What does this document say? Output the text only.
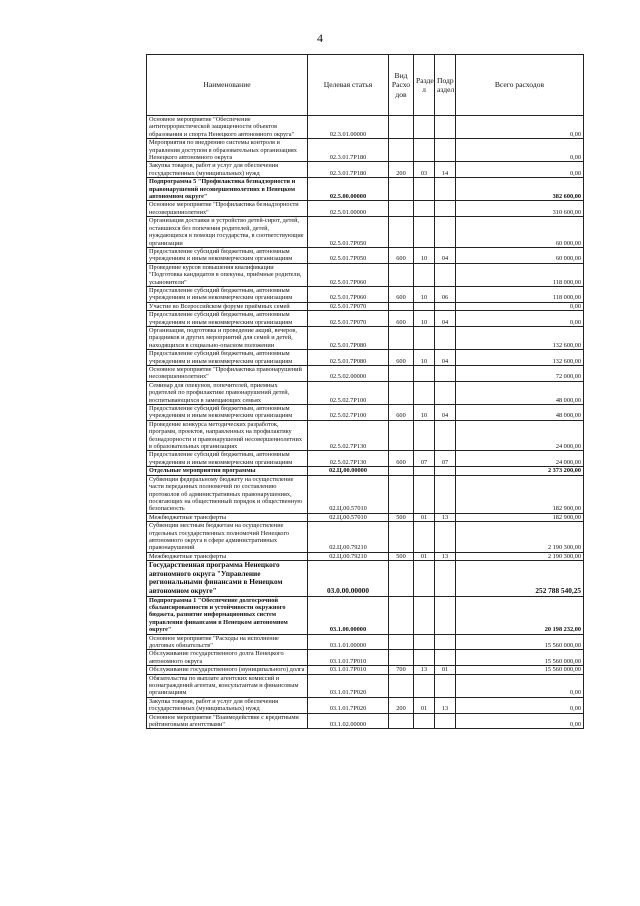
4
Наименование	Целевая статья	Вид Расхо дов	Разде л	Подр аздел	Всего расходов
Основное мероприятие "Обеспечение антитеррористической защищенности объектов образования и спорта Ненецкого автономного округа"	02.3.01.00000				0,00
Мероприятия по внедрению системы контроля и управления доступом в образовательных организациях Ненецкого автономного округа	02.3.01.7Р180				0,00
Закупка товаров, работ и услуг для обеспечения государственных (муниципальных) нужд	02.3.01.7Р180	200	03	14	0,00
Подпрограмма 5 "Профилактика безнадзорности и правонарушений несовершеннолетних в Ненецком автономном округе"	02.5.00.00000				382 600,00
Основное мероприятие "Профилактика безнадзорности несовершеннолетних"	02.5.01.00000				310 600,00
Организация доставки и устройство детей-сирот, детей, оставшихся без попечения родителей, детей, нуждающихся в помощи государства, в соответствующие организации	02.5.01.7Р050				60 000,00
Предоставление субсидий бюджетным, автономным учреждениям и иным некоммерческим организациям	02.5.01.7Р050	600	10	04	60 000,00
Проведение курсов повышения квалификации "Подготовка кандидатов в опекуны, приёмные родители, усыновители"	02.5.01.7Р060				118 000,00
Предоставление субсидий бюджетным, автономным учреждениям и иным некоммерческим организациям	02.5.01.7Р060	600	10	06	118 000,00
Участие во Всероссийском форуме приёмных семей	02.5.01.7Р070				0,00
Предоставление субсидий бюджетным, автономным учреждениям и иным некоммерческим организациям	02.5.01.7Р070	600	10	04	0,00
Организация, подготовка и проведение акций, вечеров, праздников и других мероприятий для семей и детей, находящихся в социально-опасном положении	02.5.01.7Р080				132 600,00
Предоставление субсидий бюджетным, автономным учреждениям и иным некоммерческим организациям	02.5.01.7Р080	600	10	04	132 600,00
Основное мероприятие "Профилактика правонарушений несовершеннолетних"	02.5.02.00000				72 000,00
Семинар для опекунов, попечителей, приемных родителей по профилактике правонарушений детей, воспитывающихся в замещающих семьях	02.5.02.7Р100				48 000,00
Предоставление субсидий бюджетным, автономным учреждениям и иным некоммерческим организациям	02.5.02.7Р100	600	10	04	48 000,00
Проведение конкурса методических разработок, программ, проектов, направленных на профилактику безнадзорности и правонарушений несовершеннолетних в образовательных организациях	02.5.02.7Р130				24 000,00
Предоставление субсидий бюджетным, автономным учреждениям и иным некоммерческим организациям	02.5.02.7Р130	600	07	07	24 000,00
Отдельные мероприятия программы	02.Ц.00.00000				2 373 200,00
Субвенция федеральному бюджету на осуществление части переданных полномочий по составлению протоколов об административных правонарушениях, посягающих на общественный порядок и общественную безопасность	02.Ц.00.57010				182 900,00
Межбюджетные трансферты	02.Ц.00.57010	500	01	13	182 900,00
Субвенции местным бюджетам на осуществление отдельных государственных полномочий Ненецкого автономного округа в сфере административных правонарушений	02.Ц.00.79210				2 190 300,00
Межбюджетные трансферты	02.Ц.00.79210	500	01	13	2 190 300,00
Государственная программа Ненецкого автономного округа "Управление региональными финансами в Ненецком автономном округе"	03.0.00.00000				252 788 540,25
Подпрограмма 1 "Обеспечение долгосрочной сбалансированности и устойчивости окружного бюджета, развитие информационных систем управления финансами в Ненецком автономном округе"	03.1.00.00000				20 198 232,00
Основное мероприятие "Расходы на исполнение долговых обязательств"	03.1.01.00000				15 560 000,00
Обслуживание государственного долга Ненецкого автономного округа	03.1.01.7Р010				15 560 000,00
Обслуживание государственного (муниципального) долга	03.1.01.7Р010	700	13	01	15 560 000,00
Обязательства по выплате агентских комиссий и вознаграждений агентам, консультантам и финансовым организациям	03.1.01.7Р020				0,00
Закупка товаров, работ и услуг для обеспечения государственных (муниципальных) нужд	03.1.01.7Р020	200	01	13	0,00
Основное мероприятие "Взаимодействие с кредитными рейтинговыми агентствами"	03.1.02.00000				0,00
